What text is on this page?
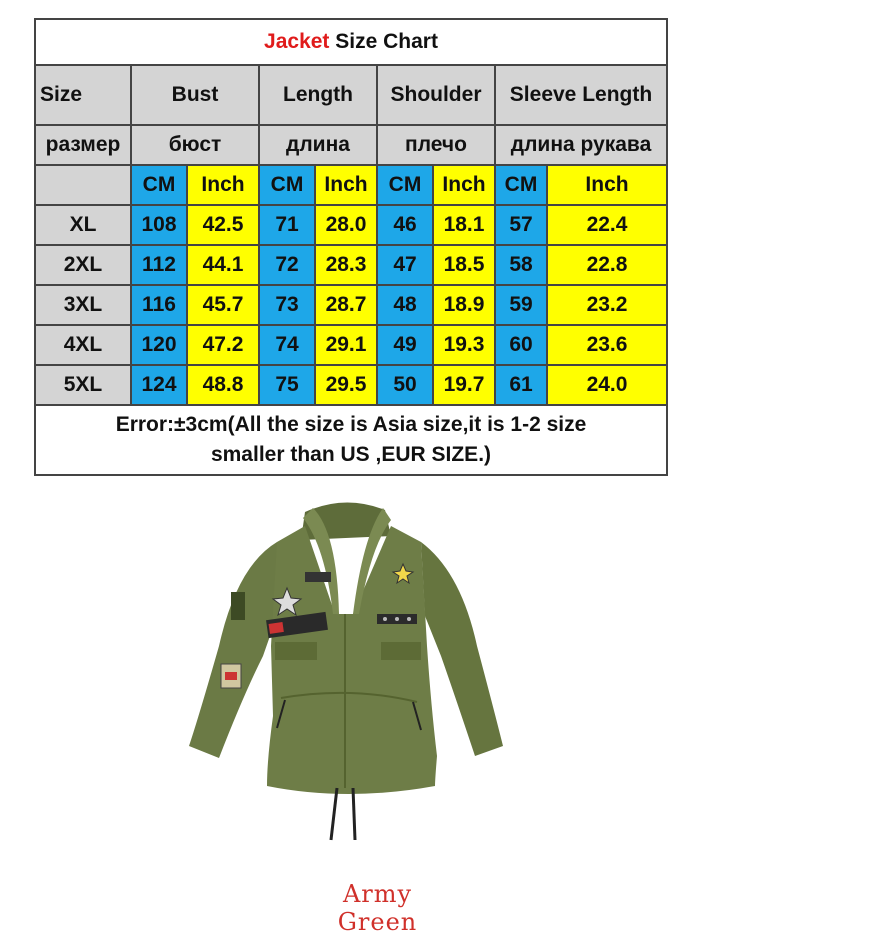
Jacket Size Chart								
Size	Bust		Length		Shoulder		Sleeve Length	
размер	бюст		длина		плечо		длина рукава	
	CM	Inch	CM	Inch	CM	Inch	CM	Inch
XL	108	42.5	71	28.0	46	18.1	57	22.4
2XL	112	44.1	72	28.3	47	18.5	58	22.8
3XL	116	45.7	73	28.7	48	18.9	59	23.2
4XL	120	47.2	74	29.1	49	19.3	60	23.6
5XL	124	48.8	75	29.5	50	19.7	61	24.0

Error:±3cm(All the size is Asia size,it is 1-2 size
smaller than US ,EUR SIZE.)								
Army Green
